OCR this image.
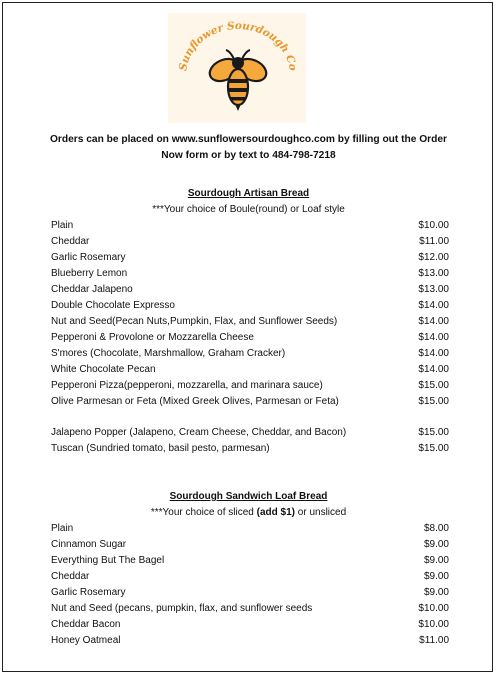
Sunflower Sourdough Co
Orders can be placed on www.sunflowersourdoughco.com by filling out the Order
Now form or by text to 484-798-7218
Sourdough Artisan Bread
***Your choice of Boule(round) or Loaf style
Plain	$10.00
Cheddar	$11.00
Garlic Rosemary	$12.00
Blueberry Lemon	$13.00
Cheddar Jalapeno	$13.00
Double Chocolate Expresso	$14.00
Nut and Seed(Pecan Nuts,Pumpkin, Flax, and Sunflower Seeds)	$14.00
Pepperoni & Provolone or Mozzarella Cheese	$14.00
S'mores (Chocolate, Marshmallow, Graham Cracker)	$14.00
White Chocolate Pecan	$14.00
Pepperoni Pizza(pepperoni, mozzarella, and marinara sauce)	$15.00
Olive Parmesan or Feta (Mixed Greek Olives, Parmesan or Feta)	$15.00
Jalapeno Popper (Jalapeno, Cream Cheese, Cheddar, and Bacon)	$15.00
Tuscan (Sundried tomato, basil pesto, parmesan)	$15.00
Sourdough Sandwich Loaf Bread
***Your choice of sliced (add $1) or unsliced
Plain	$8.00
Cinnamon Sugar	$9.00
Everything But The Bagel	$9.00
Cheddar	$9.00
Garlic Rosemary	$9.00
Nut and Seed (pecans, pumpkin, flax, and sunflower seeds	$10.00
Cheddar Bacon	$10.00
Honey Oatmeal	$11.00
